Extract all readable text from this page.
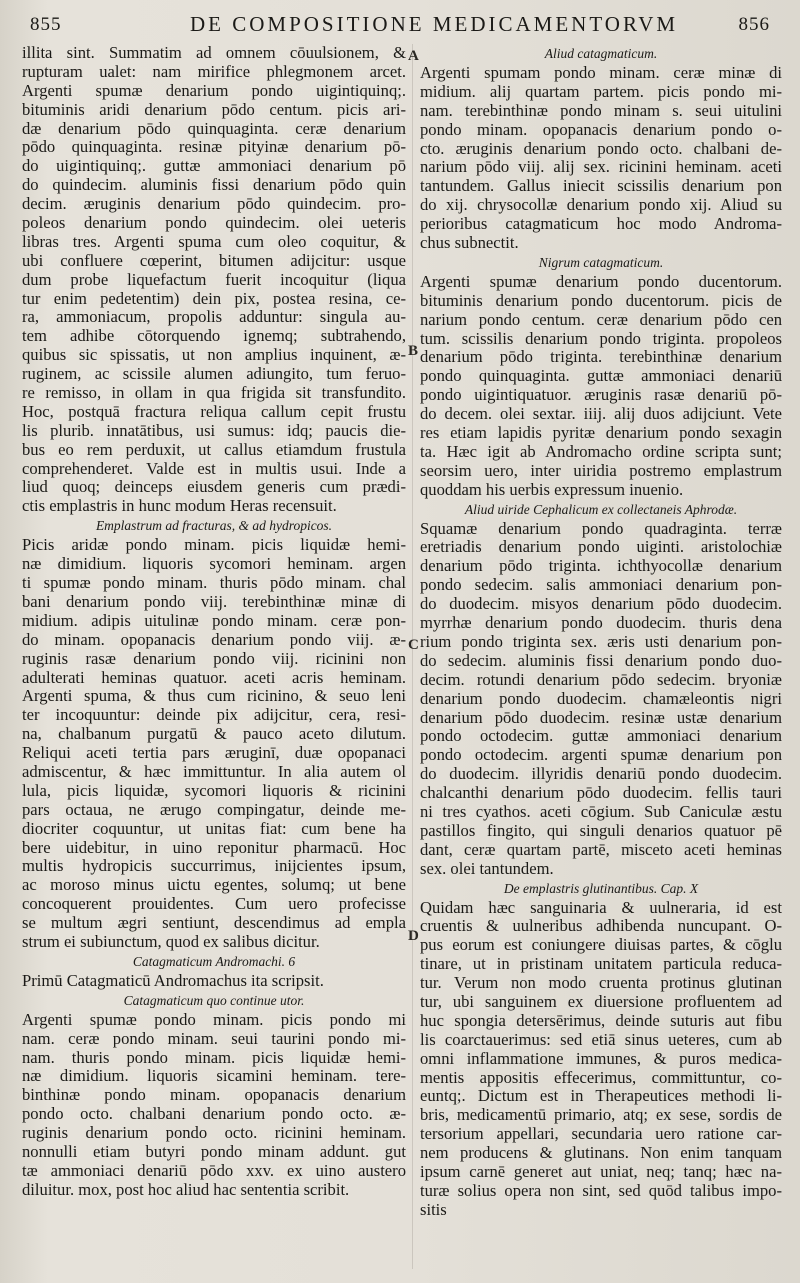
855	DE COMPOSITIONE MEDICAMENTORVM	856
illita sint. Summatim ad omnem cōuulsionem, &
rupturam ualet: nam mirifice phlegmonem arcet.
Argenti spumæ denarium pondo uigintiquinq;.
bituminis aridi denarium pōdo centum. picis ari-
dæ denarium pōdo quinquaginta. ceræ denarium
pōdo quinquaginta. resinæ pityinæ denarium pō-
do uigintiquinq;. guttæ ammoniaci denarium pō
do quindecim. aluminis fissi denarium pōdo quin
decim. æruginis denarium pōdo quindecim. pro-
poleos denarium pondo quindecim. olei ueteris
libras tres. Argenti spuma cum oleo coquitur, &
ubi confluere cœperint, bitumen adijcitur: usque
dum probe liquefactum fuerit incoquitur (liqua
tur enim pedetentim) dein pix, postea resina, ce-
ra, ammoniacum, propolis adduntur: singula au-
tem adhibe cōtorquendo ignemq; subtrahendo,
quibus sic spissatis, ut non amplius inquinent, æ-
ruginem, ac scissile alumen adiungito, tum feruo-
re remisso, in ollam in qua frigida sit transfundito.
Hoc, postquā fractura reliqua callum cepit frustu
lis plurib. innatātibus, usi sumus: idq; paucis die-
bus eo rem perduxit, ut callus etiamdum frustula
comprehenderet. Valde est in multis usui. Inde a
liud quoq; deinceps eiusdem generis cum prædi-
ctis emplastris in hunc modum Heras recensuit.
Emplastrum ad fracturas, & ad hydropicos.
Picis aridæ pondo minam. picis liquidæ hemi-
næ dimidium. liquoris sycomori heminam. argen
ti spumæ pondo minam. thuris pōdo minam. chal
bani denarium pondo viij. terebinthinæ minæ di
midium. adipis uitulinæ pondo minam. ceræ pon-
do minam. opopanacis denarium pondo viij. æ-
ruginis rasæ denarium pondo viij. ricinini non
adulterati heminas quatuor. aceti acris heminam.
Argenti spuma, & thus cum ricinino, & seuo leni
ter incoquuntur: deinde pix adijcitur, cera, resi-
na, chalbanum purgatū & pauco aceto dilutum.
Reliqui aceti tertia pars æruginī, duæ opopanaci
admiscentur, & hæc immittuntur. In alia autem ol
lula, picis liquidæ, sycomori liquoris & ricinini
pars octaua, ne ærugo compingatur, deinde me-
diocriter coquuntur, ut unitas fiat: cum bene ha
bere uidebitur, in uino reponitur pharmacū. Hoc
multis hydropicis succurrimus, inijcientes ipsum,
ac moroso minus uictu egentes, solumq; ut bene
concoquerent prouidentes. Cum uero profecisse
se multum ægri sentiunt, descendimus ad empla
strum ei subiunctum, quod ex salibus dicitur.
Catagmaticum Andromachi. 6
Primū Catagmaticū Andromachus ita scripsit.
Catagmaticum quo continue utor.
Argenti spumæ pondo minam. picis pondo mi
nam. ceræ pondo minam. seui taurini pondo mi-
nam. thuris pondo minam. picis liquidæ hemi-
næ dimidium. liquoris sicamini heminam. tere-
binthinæ pondo minam. opopanacis denarium
pondo octo. chalbani denarium pondo octo. æ-
ruginis denarium pondo octo. ricinini heminam.
nonnulli etiam butyri pondo minam addunt. gut
tæ ammoniaci denariū pōdo xxv. ex uino austero
diluitur. mox, post hoc aliud hac sententia scribit.
Aliud catagmaticum.
Argenti spumam pondo minam. ceræ minæ di
midium. alij quartam partem. picis pondo mi-
nam. terebinthinæ pondo minam s. seui uitulini
pondo minam. opopanacis denarium pondo o-
cto. æruginis denarium pondo octo. chalbani de-
narium pōdo viij. alij sex. ricinini heminam. aceti
tantundem. Gallus iniecit scissilis denarium pon
do xij. chrysocollæ denarium pondo xij. Aliud su
perioribus catagmaticum hoc modo Androma-
chus subnectit.
Nigrum catagmaticum.
Argenti spumæ denarium pondo ducentorum.
bituminis denarium pondo ducentorum. picis de
narium pondo centum. ceræ denarium pōdo cen
tum. scissilis denarium pondo triginta. propoleos
denarium pōdo triginta. terebinthinæ denarium
pondo quinquaginta. guttæ ammoniaci denariū
pondo uigintiquatuor. æruginis rasæ denariū pō-
do decem. olei sextar. iiij. alij duos adijciunt. Vete
res etiam lapidis pyritæ denarium pondo sexagin
ta. Hæc igit ab Andromacho ordine scripta sunt;
seorsim uero, inter uiridia postremo emplastrum
quoddam his uerbis expressum inuenio.
Aliud uiride Cephalicum ex collectaneis Aphrodæ.
Squamæ denarium pondo quadraginta. terræ
eretriadis denarium pondo uiginti. aristolochiæ
denarium pōdo triginta. ichthyocollæ denarium
pondo sedecim. salis ammoniaci denarium pon-
do duodecim. misyos denarium pōdo duodecim.
myrrhæ denarium pondo duodecim. thuris dena
rium pondo triginta sex. æris usti denarium pon-
do sedecim. aluminis fissi denarium pondo duo-
decim. rotundi denarium pōdo sedecim. bryoniæ
denarium pondo duodecim. chamæleontis nigri
denarium pōdo duodecim. resinæ ustæ denarium
pondo octodecim. guttæ ammoniaci denarium
pondo octodecim. argenti spumæ denarium pon
do duodecim. illyridis denariū pondo duodecim.
chalcanthi denarium pōdo duodecim. fellis tauri
ni tres cyathos. aceti cōgium. Sub Caniculæ æstu
pastillos fingito, qui singuli denarios quatuor pē
dant, ceræ quartam partē, misceto aceti heminas
sex. olei tantundem.
De emplastris glutinantibus. Cap. X
Quidam hæc sanguinaria & uulneraria, id est
cruentis & uulneribus adhibenda nuncupant. O-
pus eorum est coniungere diuisas partes, & cōglu
tinare, ut in pristinam unitatem particula reduca-
tur. Verum non modo cruenta protinus glutinan
tur, ubi sanguinem ex diuersione profluentem ad
huc spongia detersērimus, deinde suturis aut fibu
lis coarctauerimus: sed etiā sinus ueteres, cum ab
omni inflammatione immunes, & puros medica-
mentis appositis effecerimus, committuntur, co-
euntq;. Dictum est in Therapeutices methodi li-
bris, medicamentū primario, atq; ex sese, sordis de
tersorium appellari, secundaria uero ratione car-
nem producens & glutinans. Non enim tanquam
ipsum carnē generet aut uniat, neq; tanq; hæc na-
turæ solius opera non sint, sed quōd talibus impo-
sitis
A
B
C
D
